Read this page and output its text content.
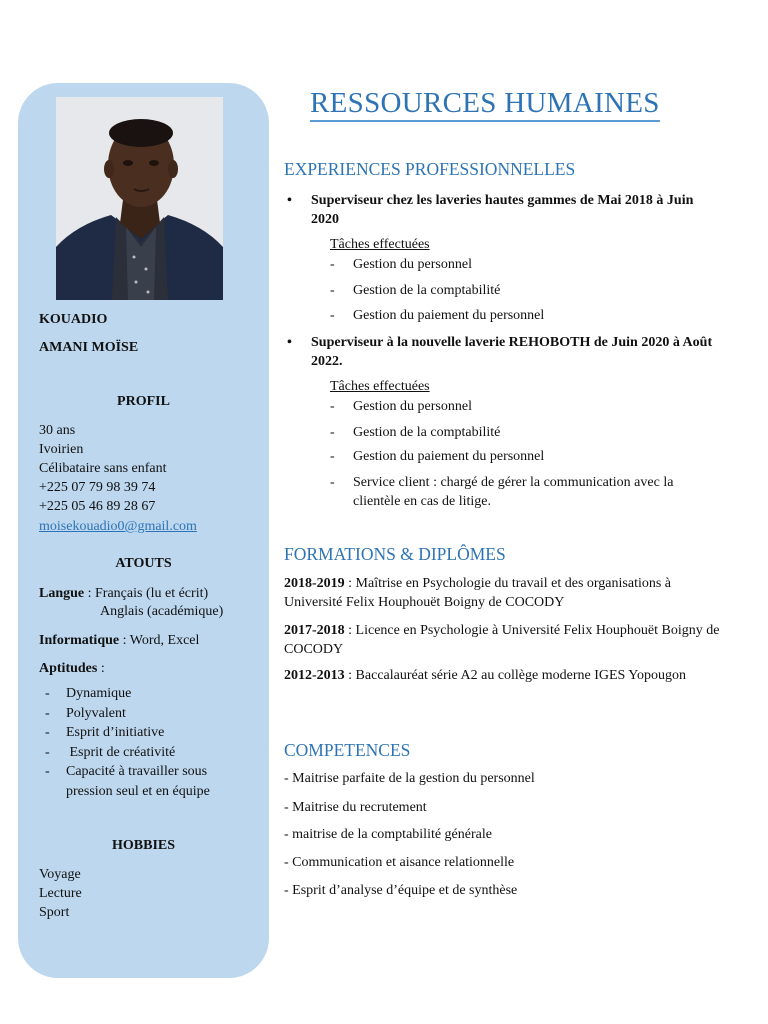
KOUADIO
AMANI MOÏSE
PROFIL
30 ans
Ivoirien
Célibataire sans enfant
+225 07 79 98 39 74
+225 05 46 89 28 67
moisekouadio0@gmail.com
ATOUTS
Langue : Français (lu et écrit)
Anglais (académique)
Informatique : Word, Excel
Aptitudes :
- Dynamique
- Polyvalent
- Esprit d’initiative
- Esprit de créativité
- Capacité à travailler sous
pression seul et en équipe
HOBBIES
Voyage
Lecture
Sport
RESSOURCES HUMAINES
EXPERIENCES PROFESSIONNELLES
•	Superviseur chez les laveries hautes gammes de Mai 2018 à Juin 2020
Tâches effectuées
-	Gestion du personnel
-	Gestion de la comptabilité
-	Gestion du paiement du personnel
•	Superviseur à la nouvelle laverie REHOBOTH de Juin 2020 à Août 2022.
Tâches effectuées
-	Gestion du personnel
-	Gestion de la comptabilité
-	Gestion du paiement du personnel
-	Service client : chargé de gérer la communication avec la clientèle en cas de litige.
FORMATIONS & DIPLÔMES
2018-2019 : Maîtrise en Psychologie du travail et des organisations à Université Felix Houphouët Boigny de COCODY
2017-2018 : Licence en Psychologie à Université Felix Houphouët Boigny de COCODY
2012-2013 : Baccalauréat série A2 au collège moderne IGES Yopougon
COMPETENCES
- Maitrise parfaite de la gestion du personnel
- Maitrise du recrutement
- maitrise de la comptabilité générale
- Communication et aisance relationnelle
- Esprit d’analyse d’équipe et de synthèse
